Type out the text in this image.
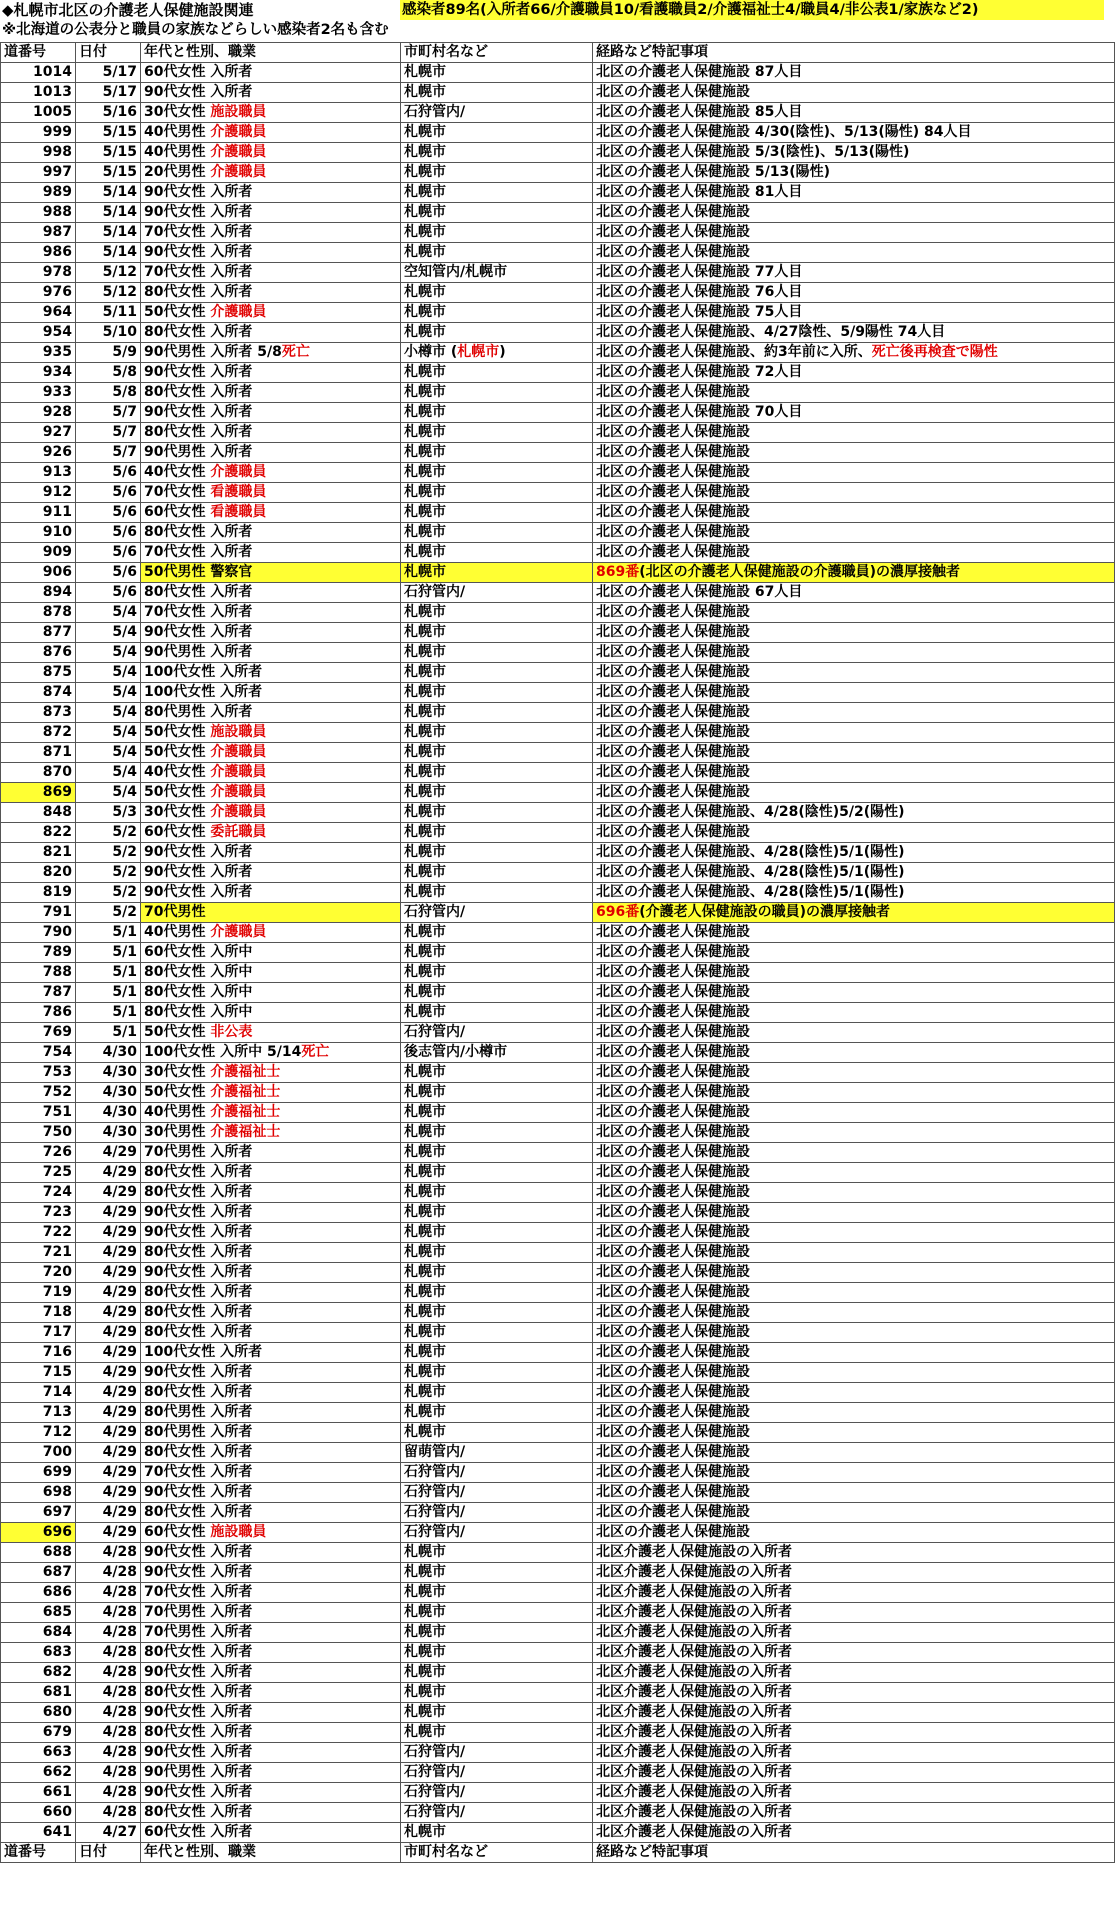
◆札幌市北区の介護老人保健施設関連	感染者89名(入所者66/介護職員10/看護職員2/介護福祉士4/職員4/非公表1/家族など2)
※北海道の公表分と職員の家族などらしい感染者2名も含む
道番号	日付	年代と性別、職業	市町村名など	経路など特記事項
1014	5/17	60代女性 入所者	札幌市	北区の介護老人保健施設 87人目
1013	5/17	90代女性 入所者	札幌市	北区の介護老人保健施設
1005	5/16	30代女性 施設職員	石狩管内/	北区の介護老人保健施設 85人目
999	5/15	40代男性 介護職員	札幌市	北区の介護老人保健施設 4/30(陰性)、5/13(陽性) 84人目
998	5/15	40代男性 介護職員	札幌市	北区の介護老人保健施設 5/3(陰性)、5/13(陽性)
997	5/15	20代男性 介護職員	札幌市	北区の介護老人保健施設 5/13(陽性)
989	5/14	90代女性 入所者	札幌市	北区の介護老人保健施設 81人目
988	5/14	90代女性 入所者	札幌市	北区の介護老人保健施設
987	5/14	70代女性 入所者	札幌市	北区の介護老人保健施設
986	5/14	90代女性 入所者	札幌市	北区の介護老人保健施設
978	5/12	70代女性 入所者	空知管内/札幌市	北区の介護老人保健施設 77人目
976	5/12	80代女性 入所者	札幌市	北区の介護老人保健施設 76人目
964	5/11	50代女性 介護職員	札幌市	北区の介護老人保健施設 75人目
954	5/10	80代女性 入所者	札幌市	北区の介護老人保健施設、4/27陰性、5/9陽性 74人目
935	5/9	90代男性 入所者 5/8死亡	小樽市 (札幌市)	北区の介護老人保健施設、約3年前に入所、死亡後再検査で陽性
934	5/8	90代女性 入所者	札幌市	北区の介護老人保健施設 72人目
933	5/8	80代女性 入所者	札幌市	北区の介護老人保健施設
928	5/7	90代女性 入所者	札幌市	北区の介護老人保健施設 70人目
927	5/7	80代女性 入所者	札幌市	北区の介護老人保健施設
926	5/7	90代男性 入所者	札幌市	北区の介護老人保健施設
913	5/6	40代女性 介護職員	札幌市	北区の介護老人保健施設
912	5/6	70代女性 看護職員	札幌市	北区の介護老人保健施設
911	5/6	60代女性 看護職員	札幌市	北区の介護老人保健施設
910	5/6	80代女性 入所者	札幌市	北区の介護老人保健施設
909	5/6	70代女性 入所者	札幌市	北区の介護老人保健施設
906	5/6	50代男性 警察官	札幌市	869番(北区の介護老人保健施設の介護職員)の濃厚接触者
894	5/6	80代女性 入所者	石狩管内/	北区の介護老人保健施設 67人目
878	5/4	70代女性 入所者	札幌市	北区の介護老人保健施設
877	5/4	90代女性 入所者	札幌市	北区の介護老人保健施設
876	5/4	90代男性 入所者	札幌市	北区の介護老人保健施設
875	5/4	100代女性 入所者	札幌市	北区の介護老人保健施設
874	5/4	100代女性 入所者	札幌市	北区の介護老人保健施設
873	5/4	80代男性 入所者	札幌市	北区の介護老人保健施設
872	5/4	50代女性 施設職員	札幌市	北区の介護老人保健施設
871	5/4	50代女性 介護職員	札幌市	北区の介護老人保健施設
870	5/4	40代女性 介護職員	札幌市	北区の介護老人保健施設
869	5/4	50代女性 介護職員	札幌市	北区の介護老人保健施設
848	5/3	30代女性 介護職員	札幌市	北区の介護老人保健施設、4/28(陰性)5/2(陽性)
822	5/2	60代女性 委託職員	札幌市	北区の介護老人保健施設
821	5/2	90代女性 入所者	札幌市	北区の介護老人保健施設、4/28(陰性)5/1(陽性)
820	5/2	90代女性 入所者	札幌市	北区の介護老人保健施設、4/28(陰性)5/1(陽性)
819	5/2	90代女性 入所者	札幌市	北区の介護老人保健施設、4/28(陰性)5/1(陽性)
791	5/2	70代男性	石狩管内/	696番(介護老人保健施設の職員)の濃厚接触者
790	5/1	40代男性 介護職員	札幌市	北区の介護老人保健施設
789	5/1	60代女性 入所中	札幌市	北区の介護老人保健施設
788	5/1	80代女性 入所中	札幌市	北区の介護老人保健施設
787	5/1	80代女性 入所中	札幌市	北区の介護老人保健施設
786	5/1	80代女性 入所中	札幌市	北区の介護老人保健施設
769	5/1	50代女性 非公表	石狩管内/	北区の介護老人保健施設
754	4/30	100代女性 入所中 5/14死亡	後志管内/小樽市	北区の介護老人保健施設
753	4/30	30代女性 介護福祉士	札幌市	北区の介護老人保健施設
752	4/30	50代女性 介護福祉士	札幌市	北区の介護老人保健施設
751	4/30	40代男性 介護福祉士	札幌市	北区の介護老人保健施設
750	4/30	30代男性 介護福祉士	札幌市	北区の介護老人保健施設
726	4/29	70代男性 入所者	札幌市	北区の介護老人保健施設
725	4/29	80代女性 入所者	札幌市	北区の介護老人保健施設
724	4/29	80代女性 入所者	札幌市	北区の介護老人保健施設
723	4/29	90代女性 入所者	札幌市	北区の介護老人保健施設
722	4/29	90代女性 入所者	札幌市	北区の介護老人保健施設
721	4/29	80代女性 入所者	札幌市	北区の介護老人保健施設
720	4/29	90代女性 入所者	札幌市	北区の介護老人保健施設
719	4/29	80代女性 入所者	札幌市	北区の介護老人保健施設
718	4/29	80代女性 入所者	札幌市	北区の介護老人保健施設
717	4/29	80代女性 入所者	札幌市	北区の介護老人保健施設
716	4/29	100代女性 入所者	札幌市	北区の介護老人保健施設
715	4/29	90代女性 入所者	札幌市	北区の介護老人保健施設
714	4/29	80代女性 入所者	札幌市	北区の介護老人保健施設
713	4/29	80代男性 入所者	札幌市	北区の介護老人保健施設
712	4/29	80代男性 入所者	札幌市	北区の介護老人保健施設
700	4/29	80代女性 入所者	留萌管内/	北区の介護老人保健施設
699	4/29	70代女性 入所者	石狩管内/	北区の介護老人保健施設
698	4/29	90代女性 入所者	石狩管内/	北区の介護老人保健施設
697	4/29	80代女性 入所者	石狩管内/	北区の介護老人保健施設
696	4/29	60代女性 施設職員	石狩管内/	北区の介護老人保健施設
688	4/28	90代女性 入所者	札幌市	北区介護老人保健施設の入所者
687	4/28	90代女性 入所者	札幌市	北区介護老人保健施設の入所者
686	4/28	70代女性 入所者	札幌市	北区介護老人保健施設の入所者
685	4/28	70代男性 入所者	札幌市	北区介護老人保健施設の入所者
684	4/28	70代男性 入所者	札幌市	北区介護老人保健施設の入所者
683	4/28	80代女性 入所者	札幌市	北区介護老人保健施設の入所者
682	4/28	90代女性 入所者	札幌市	北区介護老人保健施設の入所者
681	4/28	80代女性 入所者	札幌市	北区介護老人保健施設の入所者
680	4/28	90代女性 入所者	札幌市	北区介護老人保健施設の入所者
679	4/28	80代女性 入所者	札幌市	北区介護老人保健施設の入所者
663	4/28	90代女性 入所者	石狩管内/	北区介護老人保健施設の入所者
662	4/28	90代男性 入所者	石狩管内/	北区介護老人保健施設の入所者
661	4/28	90代女性 入所者	石狩管内/	北区介護老人保健施設の入所者
660	4/28	80代女性 入所者	石狩管内/	北区介護老人保健施設の入所者
641	4/27	60代女性 入所者	札幌市	北区介護老人保健施設の入所者
道番号	日付	年代と性別、職業	市町村名など	経路など特記事項
